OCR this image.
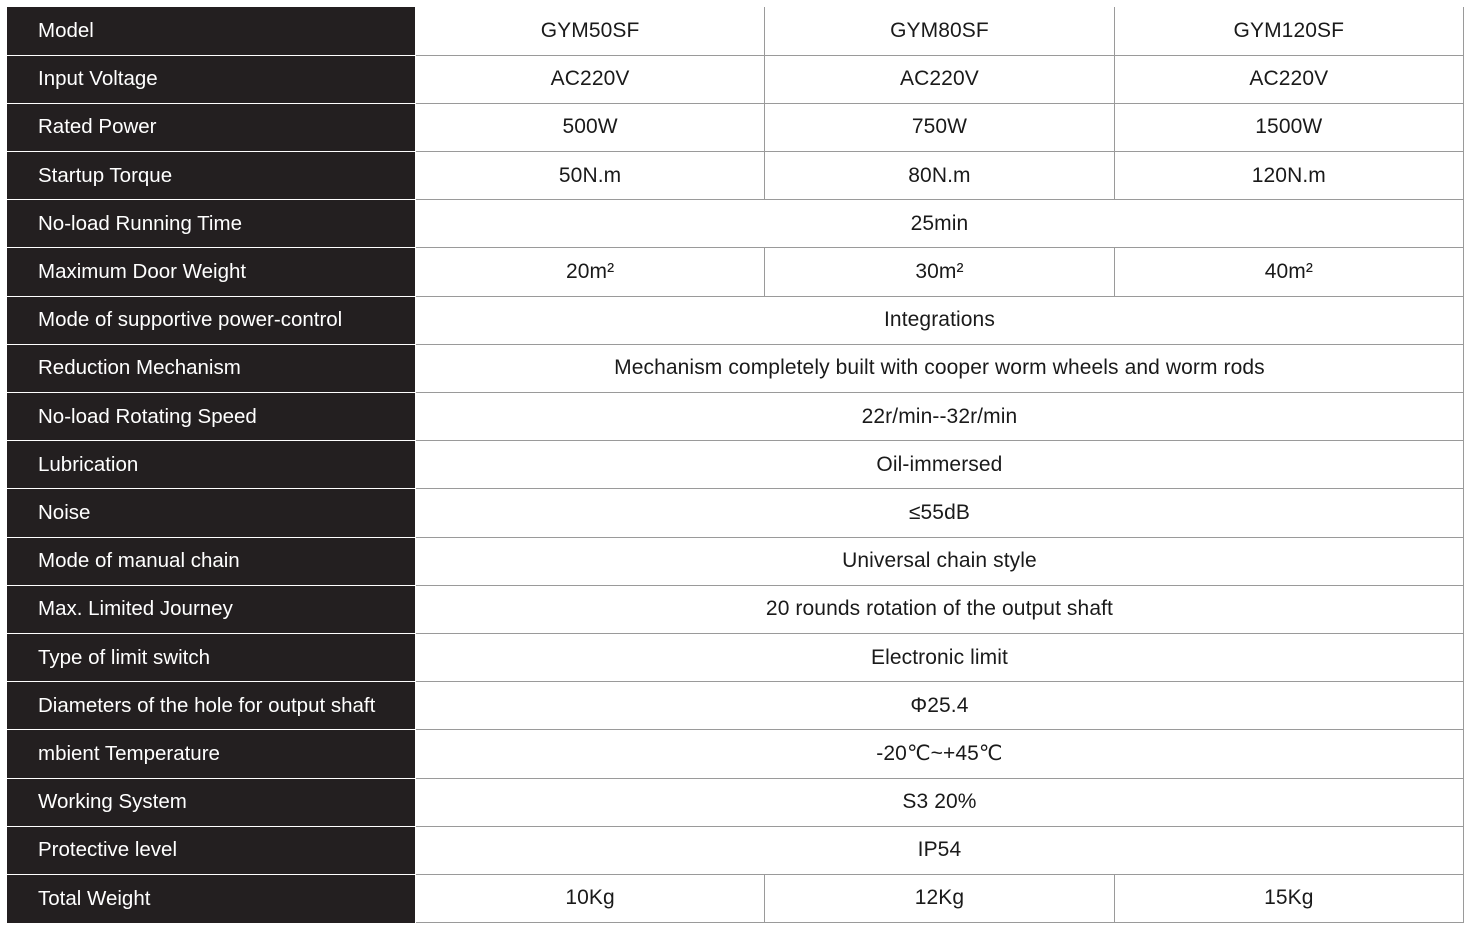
Model	GYM50SF	GYM80SF	GYM120SF
Input Voltage	AC220V	AC220V	AC220V
Rated Power	500W	750W	1500W
Startup Torque	50N.m	80N.m	120N.m
No-load Running Time	25min		
Maximum Door Weight	20m²	30m²	40m²
Mode of supportive power-control	Integrations		
Reduction Mechanism	Mechanism completely built with cooper worm wheels and worm rods		
No-load Rotating Speed	22r/min--32r/min		
Lubrication	Oil-immersed		
Noise	≤55dB		
Mode of manual chain	Universal chain style		
Max. Limited Journey	20 rounds rotation of the output shaft		
Type of limit switch	Electronic limit		
Diameters of the hole for output shaft	Φ25.4		
mbient Temperature	-20℃~+45℃		
Working System	S3 20%		
Protective level	IP54		
Total Weight	10Kg	12Kg	15Kg
